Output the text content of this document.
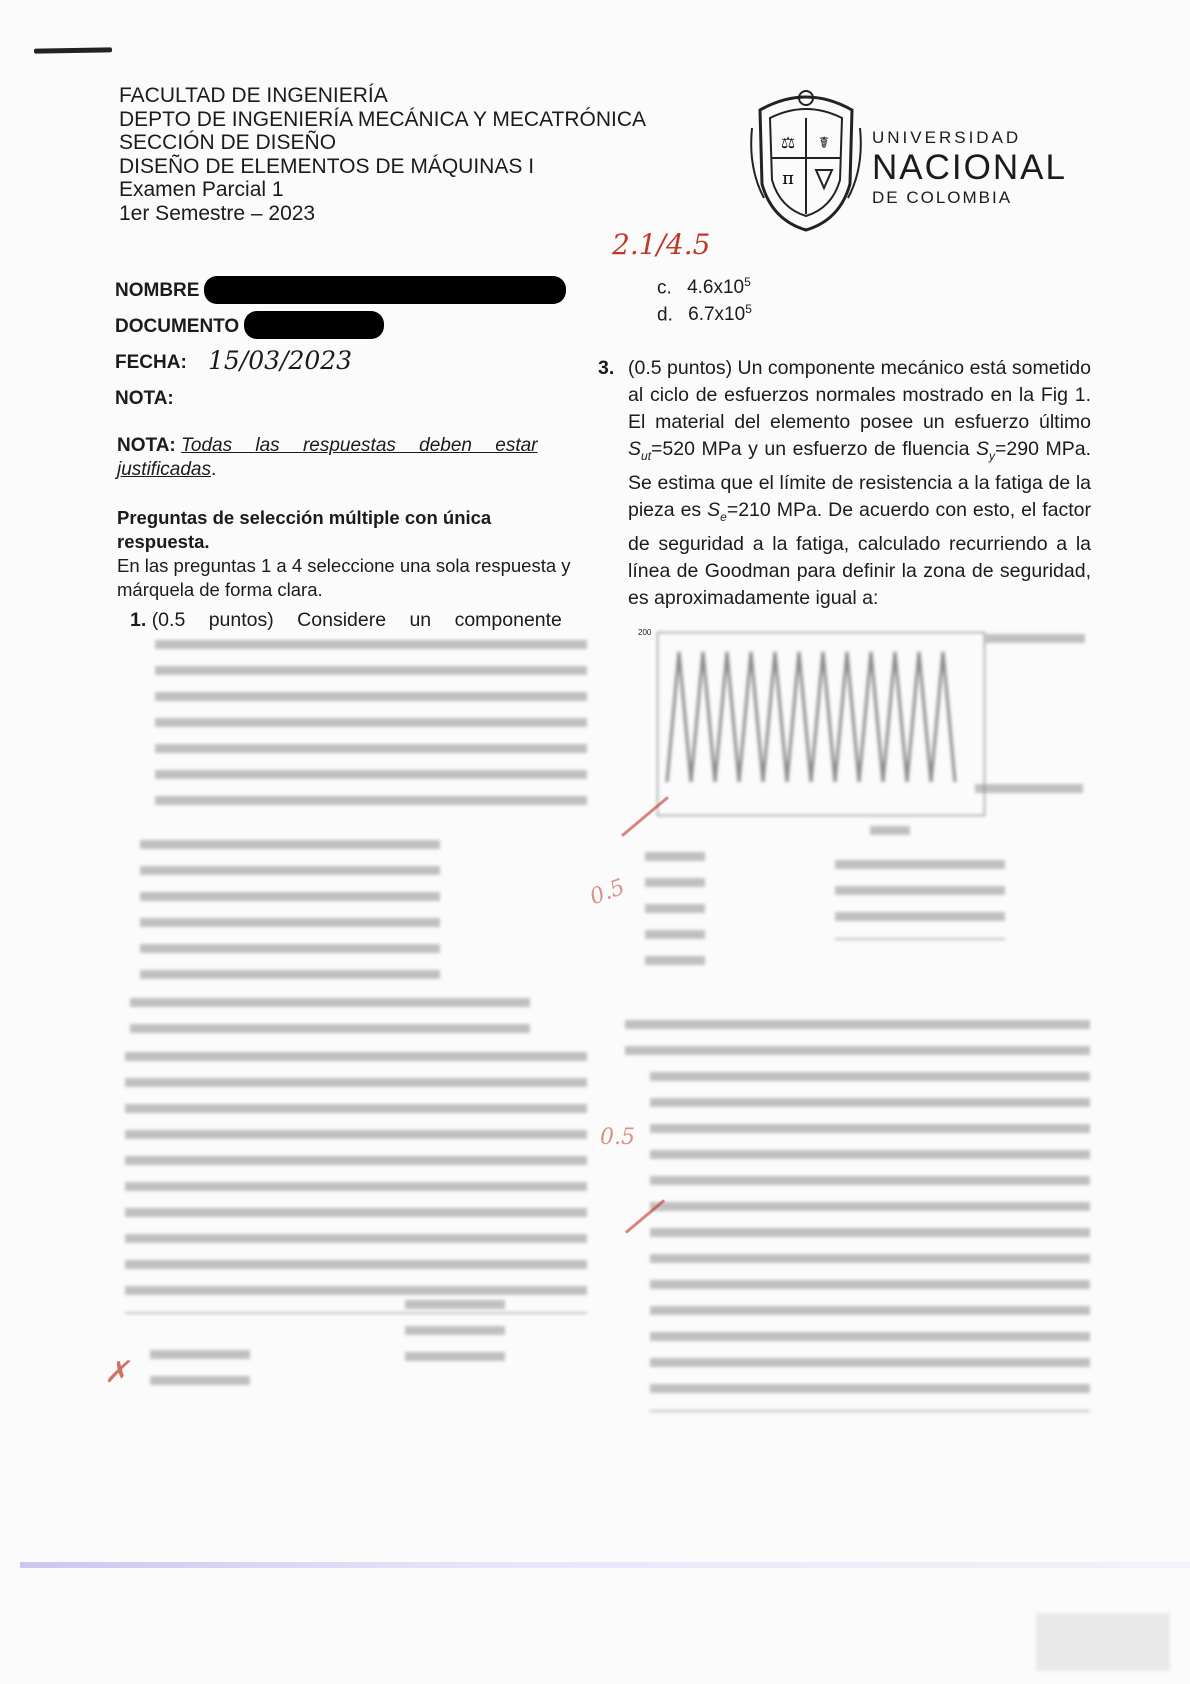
FACULTAD DE INGENIERÍA
DEPTO DE INGENIERÍA MECÁNICA Y MECATRÓNICA
SECCIÓN DE DISEÑO
DISEÑO DE ELEMENTOS DE MÁQUINAS I
Examen Parcial 1
1er Semestre – 2023
⚖ ☤
π
UNIVERSIDAD
NACIONAL
DE COLOMBIA
2.1/4.5
NOMBRE
DOCUMENTO
FECHA: 15/03/2023
NOTA:
NOTA: Todas las respuestas deben estar justificadas.
Preguntas de selección múltiple con única respuesta.
En las preguntas 1 a 4 seleccione una sola respuesta y márquela de forma clara.
1. (0.5 puntos) Considere un componente
✗
c. $4.6x10^5$
d. $6.7x10^5$
3. (0.5 puntos) Un componente mecánico está sometido al ciclo de esfuerzos normales mostrado en la Fig 1. El material del elemento posee un esfuerzo último $S_{ut}=520$ MPa y un esfuerzo de fluencia $S_y=290$ MPa. Se estima que el límite de resistencia a la fatiga de la pieza es $S_e=210$ MPa. De acuerdo con esto, el factor de seguridad a la fatiga, calculado recurriendo a la línea de Goodman para definir la zona de seguridad, es aproximadamente igual a:
200
0.5
0.5
